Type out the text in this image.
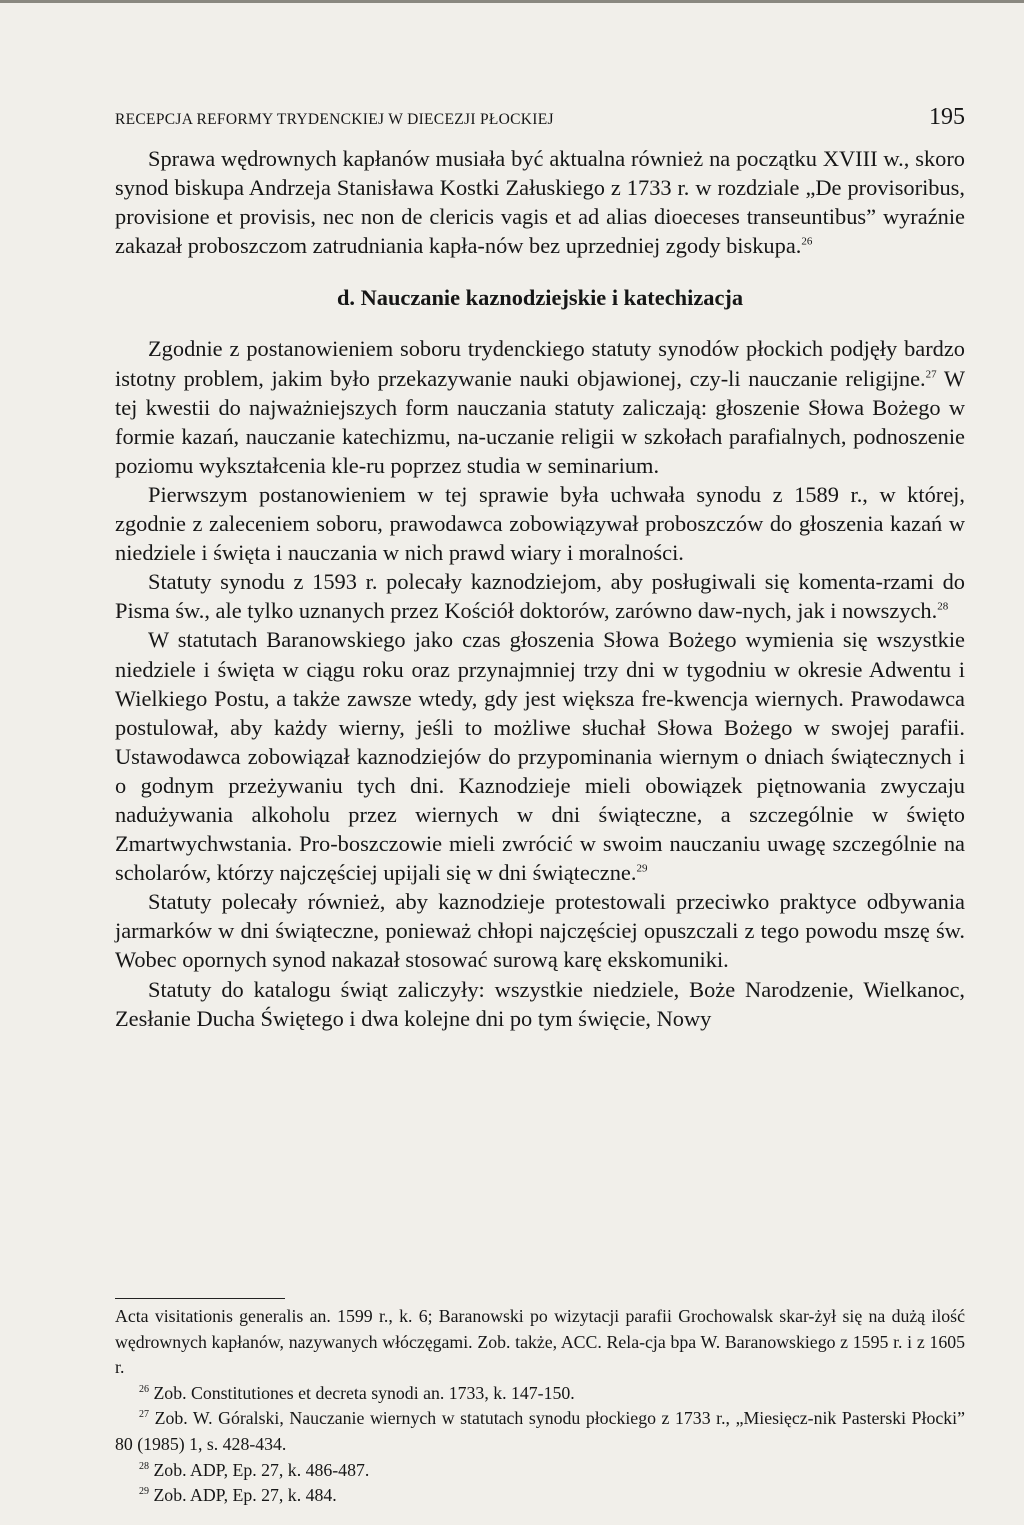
RECEPCJA REFORMY TRYDENCKIEJ W DIECEZJI PŁOCKIEJ	195

Sprawa wędrownych kapłanów musiała być aktualna również na początku XVIII w., skoro synod biskupa Andrzeja Stanisława Kostki Załuskiego z 1733 r. w rozdziale „De provisoribus, provisione et provisis, nec non de clericis vagis et ad alias dioeceses transeuntibus” wyraźnie zakazał proboszczom zatrudniania kapła-nów bez uprzedniej zgody biskupa.$^{26}$

d. Nauczanie kaznodziejskie i katechizacja

Zgodnie z postanowieniem soboru trydenckiego statuty synodów płockich podjęły bardzo istotny problem, jakim było przekazywanie nauki objawionej, czy-li nauczanie religijne.$^{27}$ W tej kwestii do najważniejszych form nauczania statuty zaliczają: głoszenie Słowa Bożego w formie kazań, nauczanie katechizmu, na-uczanie religii w szkołach parafialnych, podnoszenie poziomu wykształcenia kle-ru poprzez studia w seminarium.

Pierwszym postanowieniem w tej sprawie była uchwała synodu z 1589 r., w której, zgodnie z zaleceniem soboru, prawodawca zobowiązywał proboszczów do głoszenia kazań w niedziele i święta i nauczania w nich prawd wiary i moralności.

Statuty synodu z 1593 r. polecały kaznodziejom, aby posługiwali się komenta-rzami do Pisma św., ale tylko uznanych przez Kościół doktorów, zarówno daw-nych, jak i nowszych.$^{28}$

W statutach Baranowskiego jako czas głoszenia Słowa Bożego wymienia się wszystkie niedziele i święta w ciągu roku oraz przynajmniej trzy dni w tygodniu w okresie Adwentu i Wielkiego Postu, a także zawsze wtedy, gdy jest większa fre-kwencja wiernych. Prawodawca postulował, aby każdy wierny, jeśli to możliwe słuchał Słowa Bożego w swojej parafii. Ustawodawca zobowiązał kaznodziejów do przypominania wiernym o dniach świątecznych i o godnym przeżywaniu tych dni. Kaznodzieje mieli obowiązek piętnowania zwyczaju nadużywania alkoholu przez wiernych w dni świąteczne, a szczególnie w święto Zmartwychwstania. Pro-boszczowie mieli zwrócić w swoim nauczaniu uwagę szczególnie na scholarów, którzy najczęściej upijali się w dni świąteczne.$^{29}$

Statuty polecały również, aby kaznodzieje protestowali przeciwko praktyce odbywania jarmarków w dni świąteczne, ponieważ chłopi najczęściej opuszczali z tego powodu mszę św. Wobec opornych synod nakazał stosować surową karę ekskomuniki.

Statuty do katalogu świąt zaliczyły: wszystkie niedziele, Boże Narodzenie, Wielkanoc, Zesłanie Ducha Świętego i dwa kolejne dni po tym święcie, Nowy

Acta visitationis generalis an. 1599 r., k. 6; Baranowski po wizytacji parafii Grochowalsk skar-żył się na dużą ilość wędrownych kapłanów, nazywanych włóczęgami. Zob. także, ACC. Rela-cja bpa W. Baranowskiego z 1595 r. i z 1605 r.

$^{26}$ Zob. Constitutiones et decreta synodi an. 1733, k. 147-150.

$^{27}$ Zob. W. Góralski, Nauczanie wiernych w statutach synodu płockiego z 1733 r., „Miesięcz-nik Pasterski Płocki” 80 (1985) 1, s. 428-434.

$^{28}$ Zob. ADP, Ep. 27, k. 486-487.

$^{29}$ Zob. ADP, Ep. 27, k. 484.
